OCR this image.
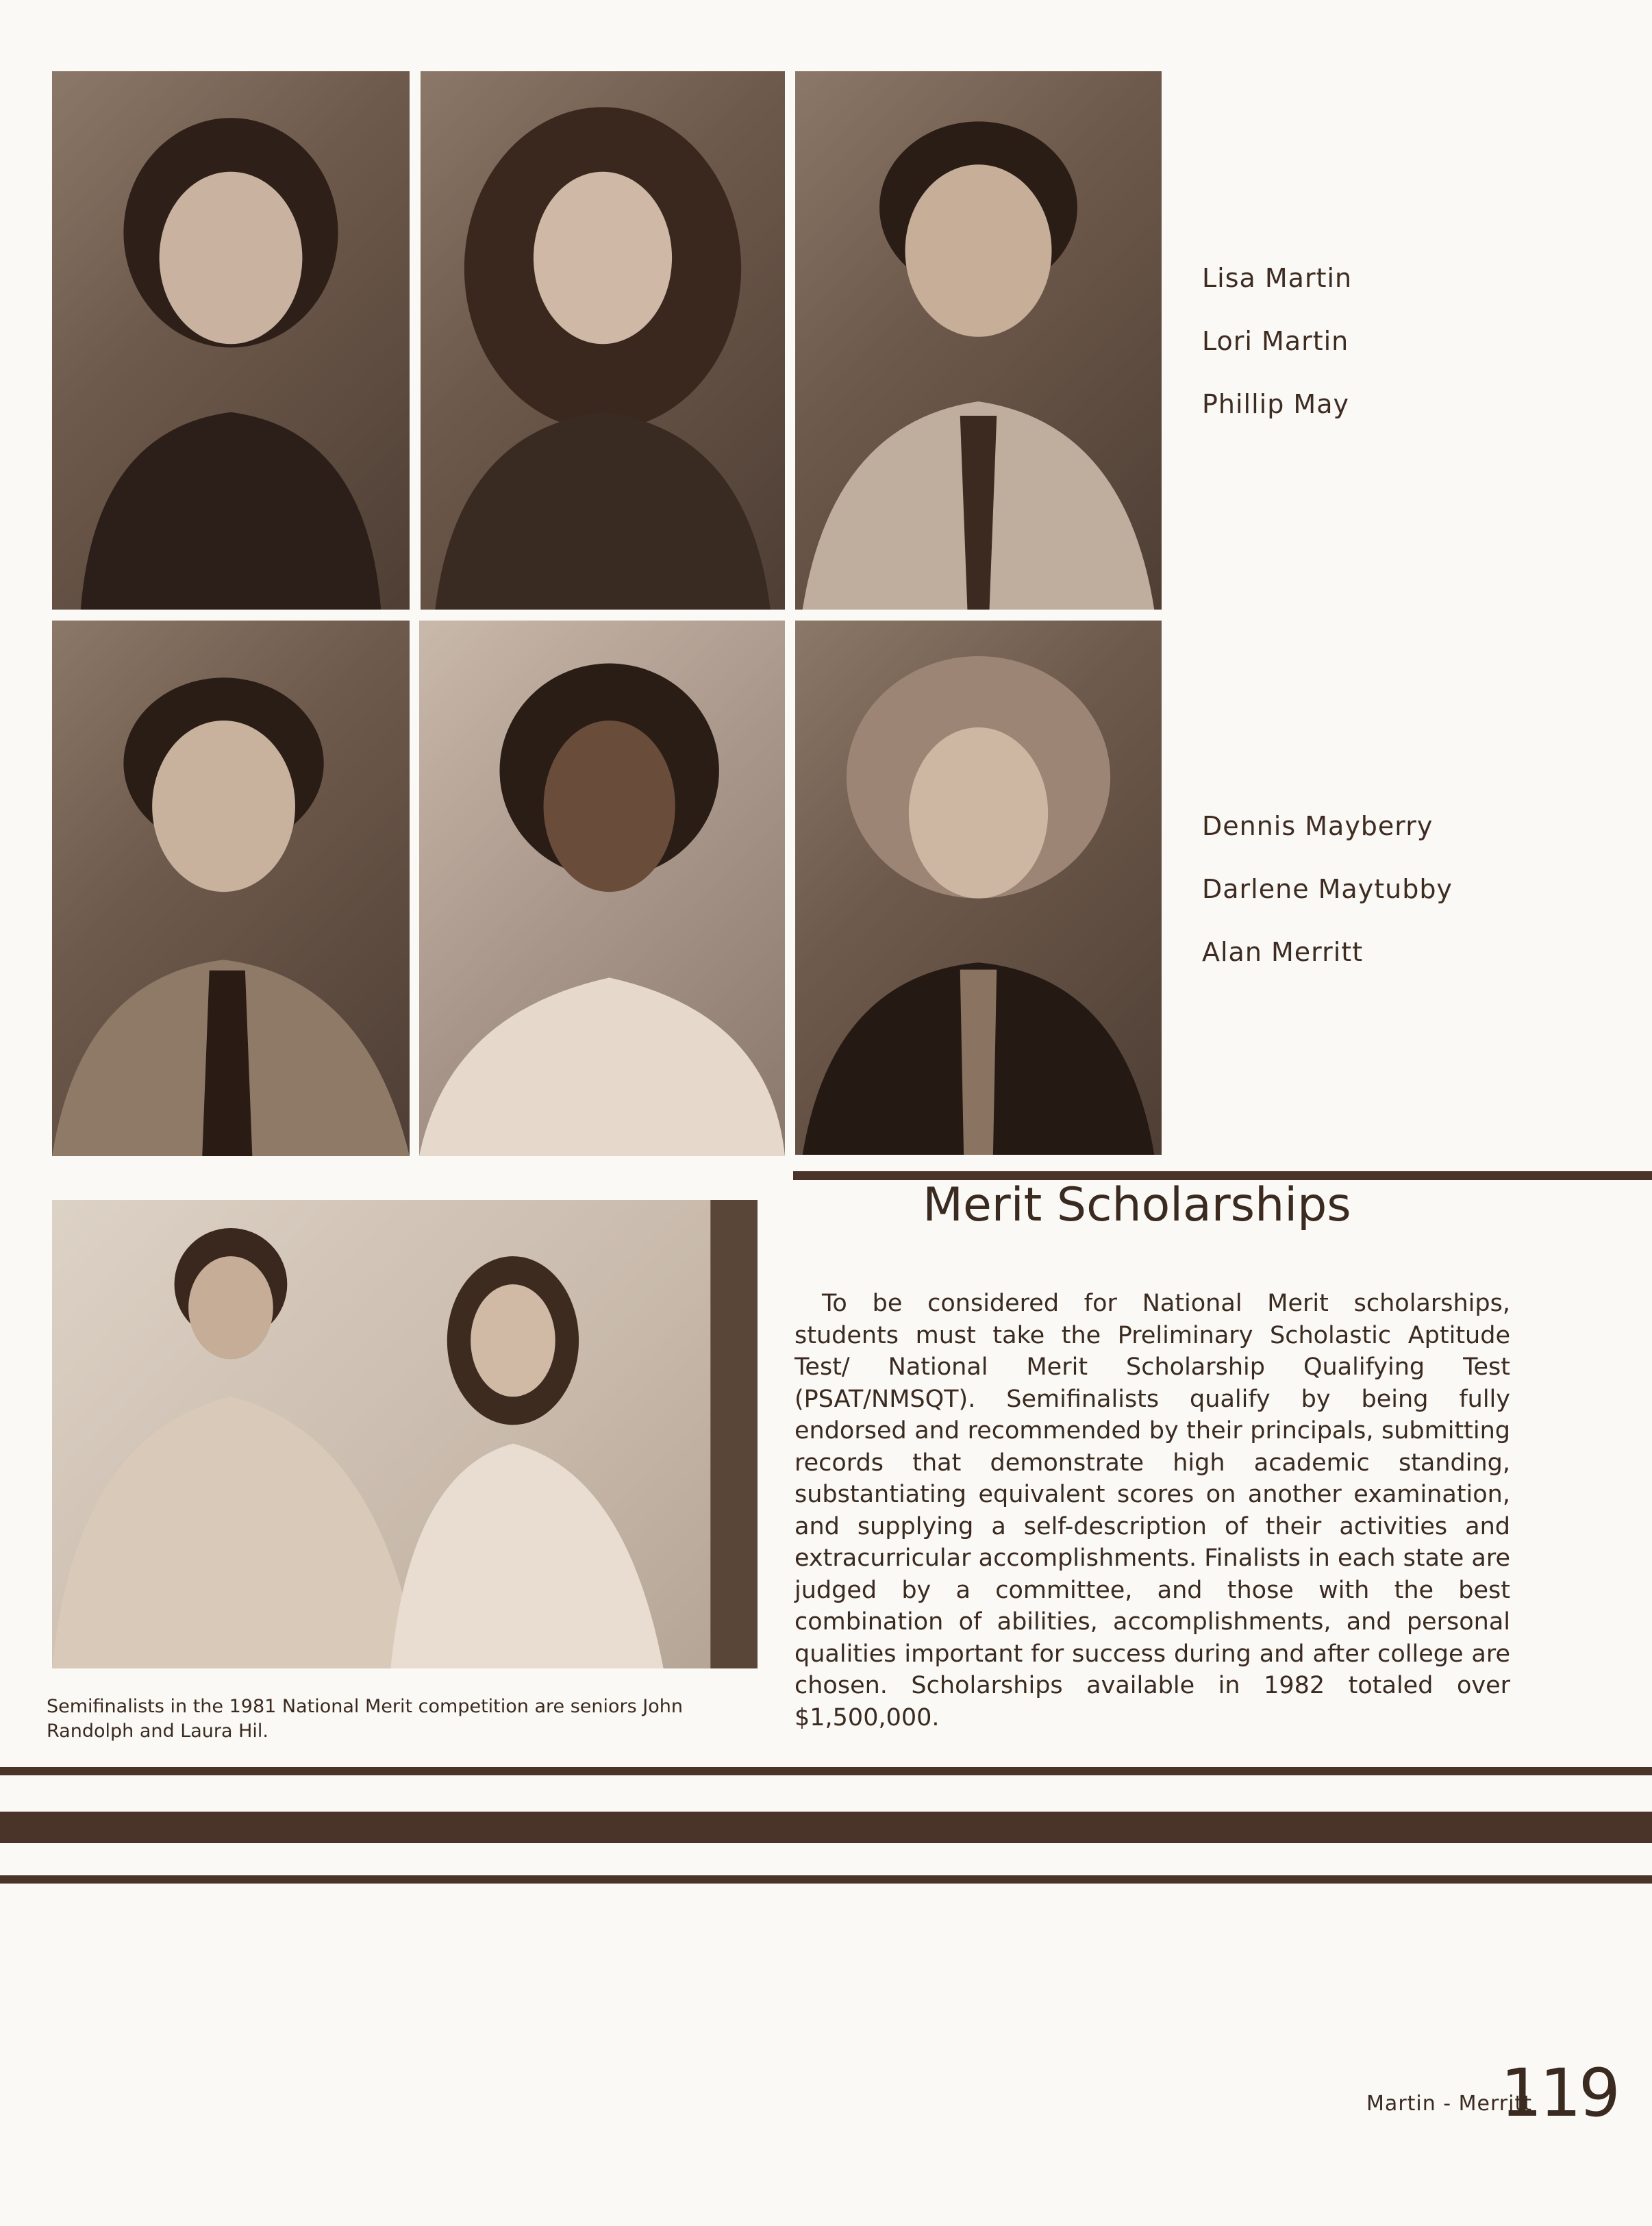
Lisa Martin
Lori Martin
Phillip May
Dennis Mayberry
Darlene Maytubby
Alan Merritt
Semifinalists in the 1981 National Merit competition are seniors John Randolph and Laura Hil.
Merit Scholarships
To be considered for National Merit scholarships, students must take the Preliminary Scholastic Aptitude Test/ National Merit Scholarship Qualifying Test (PSAT/NMSQT). Semifinalists qualify by being fully endorsed and recommended by their principals, submitting records that demonstrate high academic standing, substantiating equivalent scores on another examination, and supplying a self-description of their activities and extracurricular accomplishments. Finalists in each state are judged by a committee, and those with the best combination of abilities, accomplishments, and personal qualities important for success during and after college are chosen. Scholarships available in 1982 totaled over $1,500,000.
Martin - Merritt
119
